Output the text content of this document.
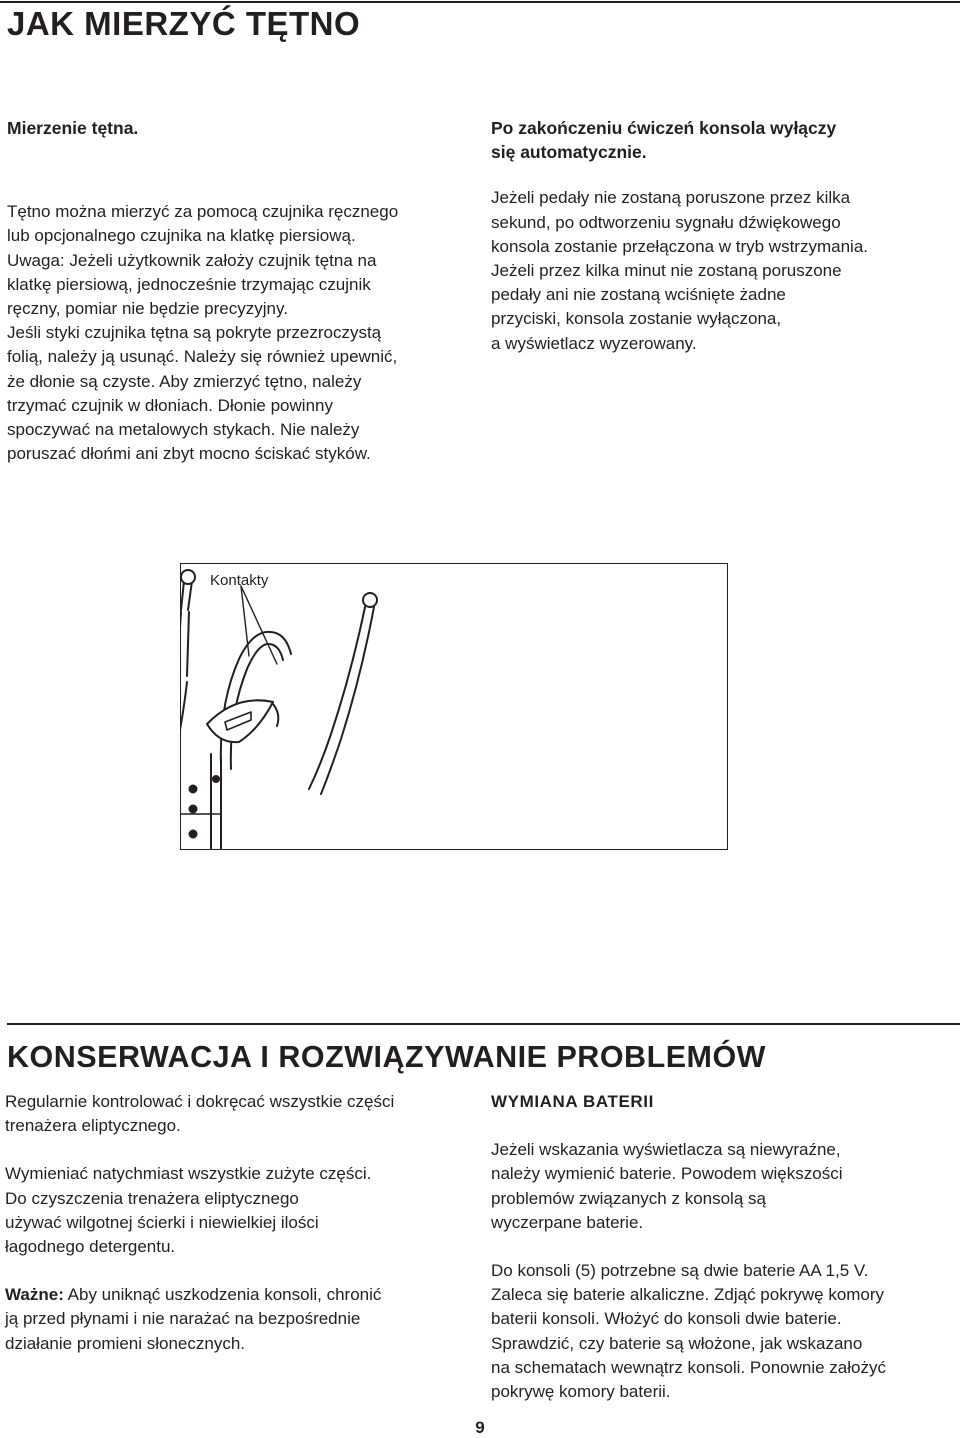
JAK MIERZYĆ TĘTNO

Mierzenie tętna.

Tętno można mierzyć za pomocą czujnika ręcznego

lub opcjonalnego czujnika na klatkę piersiową.

Uwaga: Jeżeli użytkownik założy czujnik tętna na

klatkę piersiową, jednocześnie trzymając czujnik

ręczny, pomiar nie będzie precyzyjny.

Jeśli styki czujnika tętna są pokryte przezroczystą

folią, należy ją usunąć. Należy się również upewnić,

że dłonie są czyste. Aby zmierzyć tętno, należy

trzymać czujnik w dłoniach. Dłonie powinny

spoczywać na metalowych stykach. Nie należy

poruszać dłońmi ani zbyt mocno ściskać styków.

Po zakończeniu ćwiczeń konsola wyłączy

się automatycznie.

Jeżeli pedały nie zostaną poruszone przez kilka

sekund, po odtworzeniu sygnału dźwiękowego

konsola zostanie przełączona w tryb wstrzymania.

Jeżeli przez kilka minut nie zostaną poruszone

pedały ani nie zostaną wciśnięte żadne

przyciski, konsola zostanie wyłączona,

a wyświetlacz wyzerowany.

Kontakty
KONSERWACJA I ROZWIĄZYWANIE PROBLEMÓW

Regularnie kontrolować i dokręcać wszystkie części

trenażera eliptycznego.

Wymieniać natychmiast wszystkie zużyte części.

Do czyszczenia trenażera eliptycznego

używać wilgotnej ścierki i niewielkiej ilości

łagodnego detergentu.

Ważne: Aby uniknąć uszkodzenia konsoli, chronić

ją przed płynami i nie narażać na bezpośrednie

działanie promieni słonecznych.

WYMIANA BATERII

Jeżeli wskazania wyświetlacza są niewyraźne,

należy wymienić baterie. Powodem większości

problemów związanych z konsolą są

wyczerpane baterie.

Do konsoli (5) potrzebne są dwie baterie AA 1,5 V.

Zaleca się baterie alkaliczne. Zdjąć pokrywę komory

baterii konsoli. Włożyć do konsoli dwie baterie.

Sprawdzić, czy baterie są włożone, jak wskazano

na schematach wewnątrz konsoli. Ponownie założyć

pokrywę komory baterii.

9
